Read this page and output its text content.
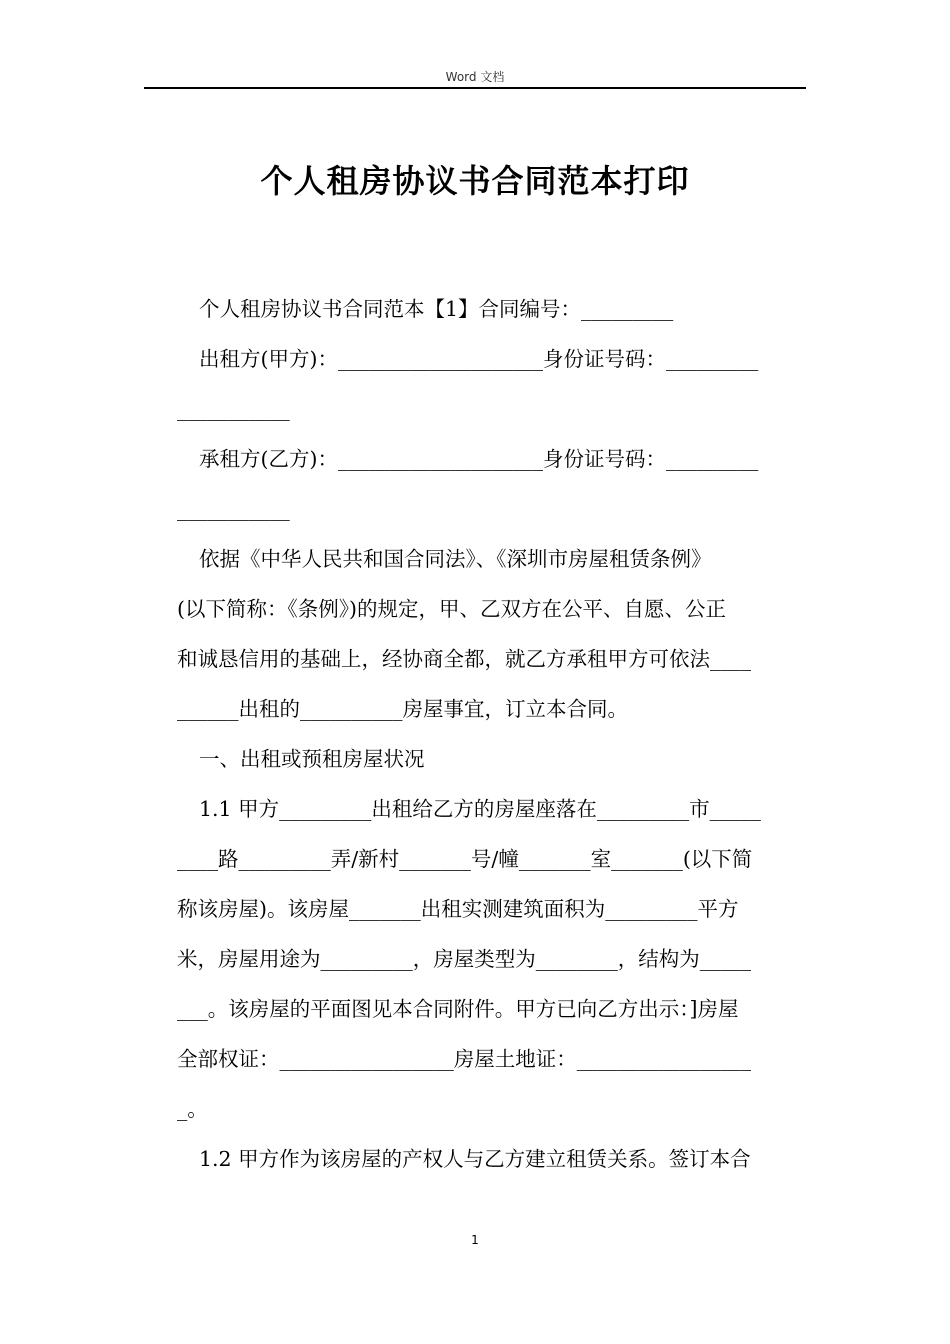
Word 文档
个人租房协议书合同范本打印
个人租房协议书合同范本【1】合同编号：_________
出租方(甲方)：____________________身份证号码：_________
___________
承租方(乙方)：____________________身份证号码：_________
___________
依据《中华人民共和国合同法》、《深圳市房屋租赁条例》
(以下简称：《条例》)的规定，甲、乙双方在公平、自愿、公正
和诚恳信用的基础上，经协商全都，就乙方承租甲方可依法____
______出租的__________房屋事宜，订立本合同。
一、出租或预租房屋状况
1.1 甲方_________出租给乙方的房屋座落在_________市_____
____路_________弄/新村_______号/幢_______室_______(以下简
称该房屋)。该房屋_______出租实测建筑面积为_________平方
米，房屋用途为_________，房屋类型为________，结构为_____
___。该房屋的平面图见本合同附件。甲方已向乙方出示：]房屋
全部权证：_________________房屋土地证：_________________
_。
1.2 甲方作为该房屋的产权人与乙方建立租赁关系。签订本合
1
